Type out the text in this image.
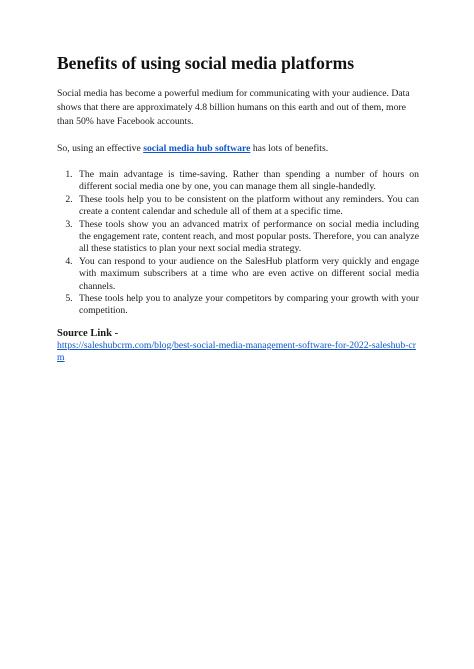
Benefits of using social media platforms

Social media has become a powerful medium for communicating with your audience. Data shows that there are approximately 4.8 billion humans on this earth and out of them, more than 50% have Facebook accounts.

So, using an effective social media hub software has lots of benefits.

1. The main advantage is time-saving. Rather than spending a number of hours on different social media one by one, you can manage them all single-handedly.
2. These tools help you to be consistent on the platform without any reminders. You can create a content calendar and schedule all of them at a specific time.
3. These tools show you an advanced matrix of performance on social media including the engagement rate, content reach, and most popular posts. Therefore, you can analyze all these statistics to plan your next social media strategy.
4. You can respond to your audience on the SalesHub platform very quickly and engage with maximum subscribers at a time who are even active on different social media channels.
5. These tools help you to analyze your competitors by comparing your growth with your competition.

Source Link -

https://saleshubcrm.com/blog/best-social-media-management-software-for-2022-saleshub-crm
